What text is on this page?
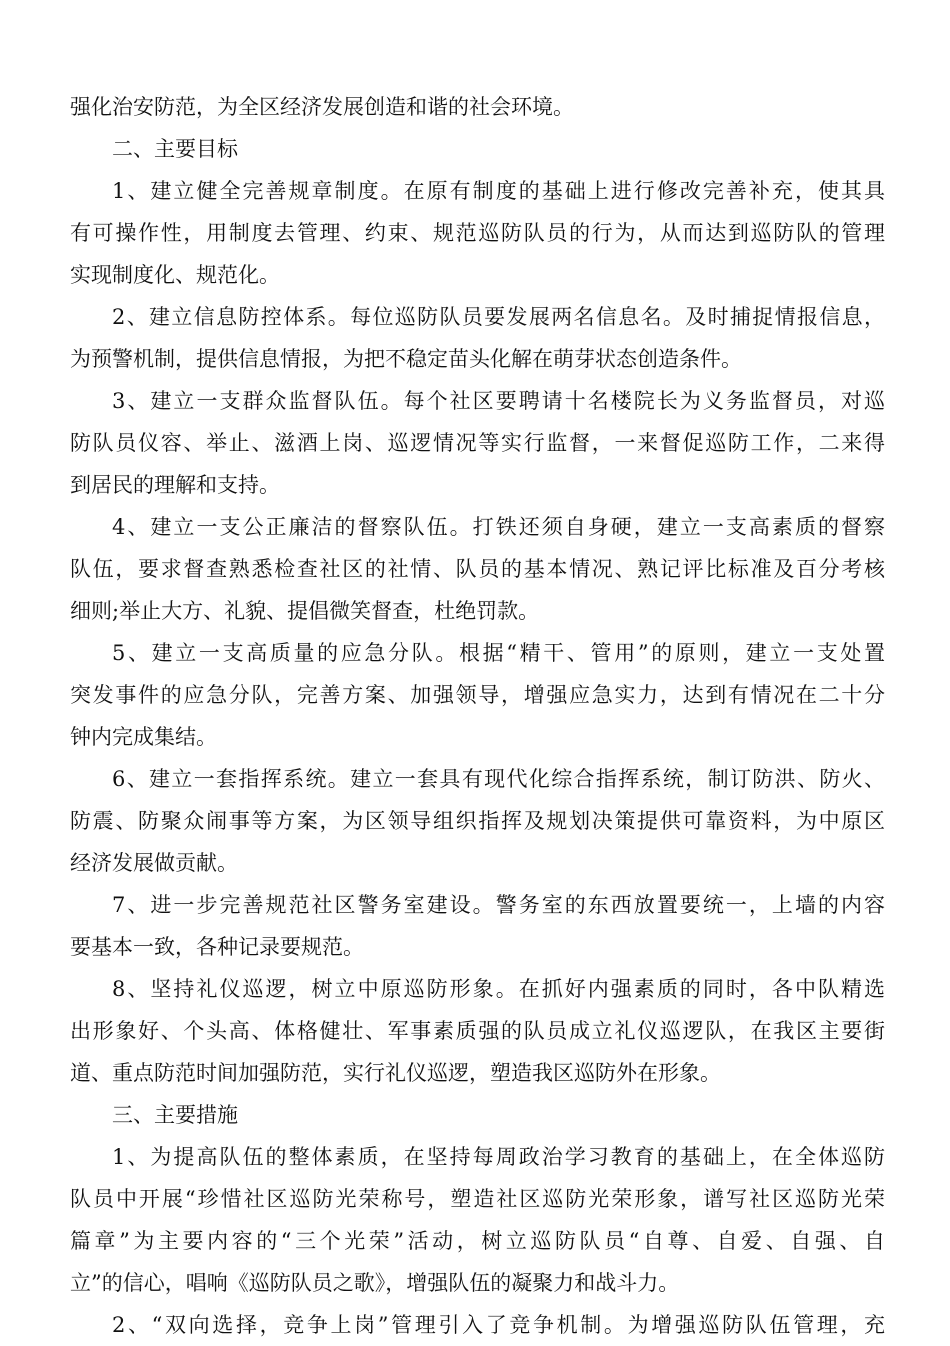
强化治安防范，为全区经济发展创造和谐的社会环境。
二、主要目标
1、建立健全完善规章制度。在原有制度的基础上进行修改完善补充，使其具
有可操作性，用制度去管理、约束、规范巡防队员的行为，从而达到巡防队的管理
实现制度化、规范化。
2、建立信息防控体系。每位巡防队员要发展两名信息名。及时捕捉情报信息，
为预警机制，提供信息情报，为把不稳定苗头化解在萌芽状态创造条件。
3、建立一支群众监督队伍。每个社区要聘请十名楼院长为义务监督员，对巡
防队员仪容、举止、滋酒上岗、巡逻情况等实行监督，一来督促巡防工作，二来得
到居民的理解和支持。
4、建立一支公正廉洁的督察队伍。打铁还须自身硬，建立一支高素质的督察
队伍，要求督查熟悉检查社区的社情、队员的基本情况、熟记评比标准及百分考核
细则;举止大方、礼貌、提倡微笑督查，杜绝罚款。
5、建立一支高质量的应急分队。根据“精干、管用”的原则，建立一支处置
突发事件的应急分队，完善方案、加强领导，增强应急实力，达到有情况在二十分
钟内完成集结。
6、建立一套指挥系统。建立一套具有现代化综合指挥系统，制订防洪、防火、
防震、防聚众闹事等方案，为区领导组织指挥及规划决策提供可靠资料，为中原区
经济发展做贡献。
7、进一步完善规范社区警务室建设。警务室的东西放置要统一，上墙的内容
要基本一致，各种记录要规范。
8、坚持礼仪巡逻，树立中原巡防形象。在抓好内强素质的同时，各中队精选
出形象好、个头高、体格健壮、军事素质强的队员成立礼仪巡逻队，在我区主要街
道、重点防范时间加强防范，实行礼仪巡逻，塑造我区巡防外在形象。
三、主要措施
1、为提高队伍的整体素质，在坚持每周政治学习教育的基础上，在全体巡防
队员中开展“珍惜社区巡防光荣称号，塑造社区巡防光荣形象，谱写社区巡防光荣
篇章”为主要内容的“三个光荣”活动，树立巡防队员“自尊、自爱、自强、自
立”的信心，唱响《巡防队员之歌》，增强队伍的凝聚力和战斗力。
2、“双向选择，竞争上岗”管理引入了竞争机制。为增强巡防队伍管理，充
